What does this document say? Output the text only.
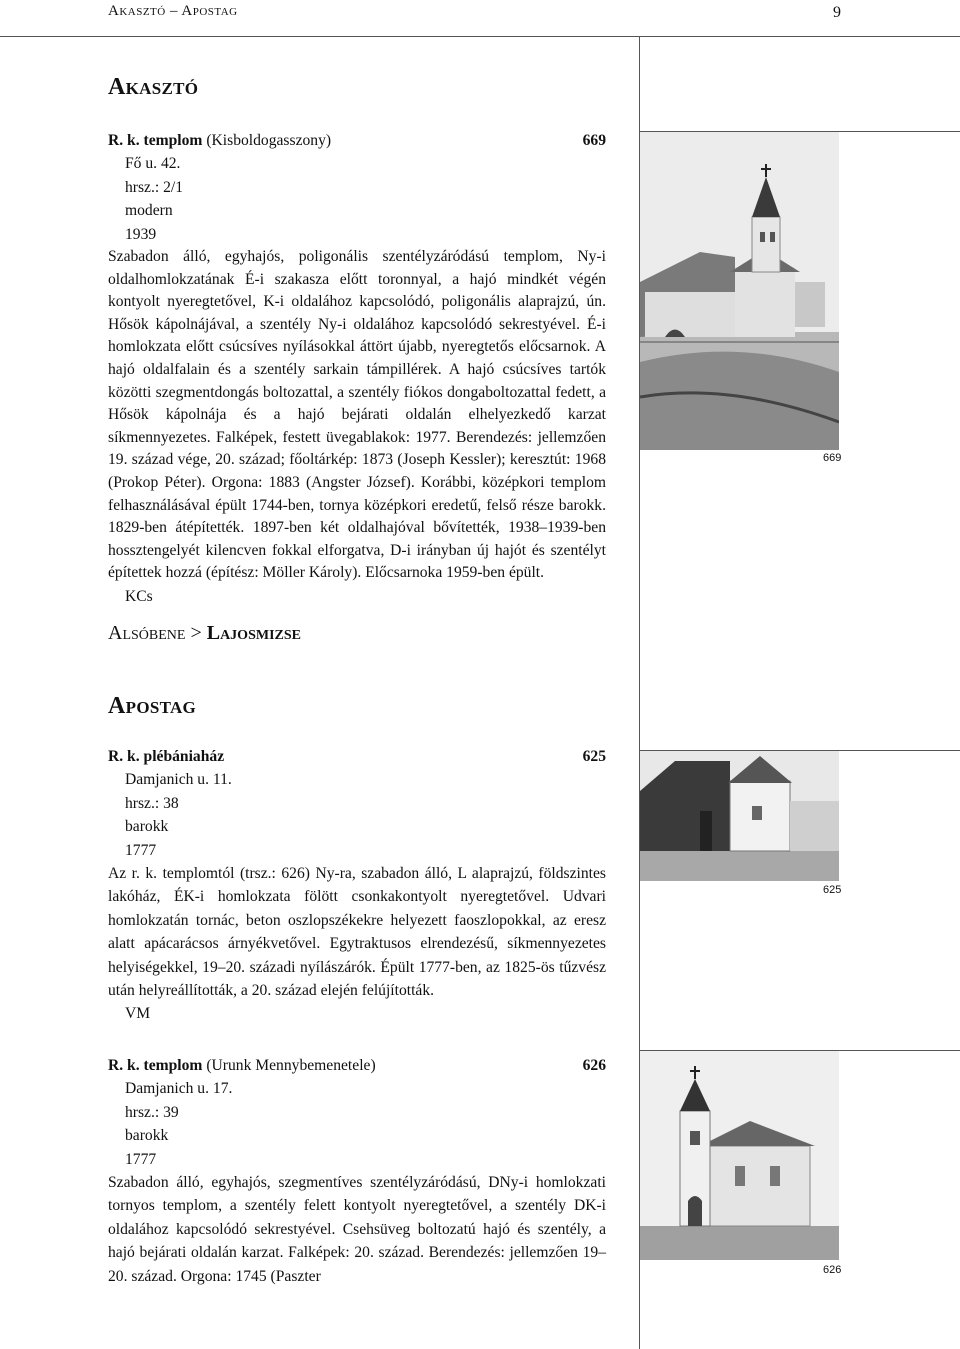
Akasztó – Apostag	9
Akasztó
R. k. templom (Kisboldogasszony)	669

Fő u. 42.

hrsz.: 2/1

modern

1939

Szabadon álló, egyhajós, poligonális szentélyzáródású templom, Ny-i oldalhomlokzatának É-i szakasza előtt toronnyal, a hajó mindkét végén kontyolt nyeregtetővel, K-i oldalához kapcsolódó, poligonális alaprajzú, ún. Hősök kápolnájával, a szentély Ny-i oldalához kapcsolódó sekrestyével. É-i homlokzata előtt csúcsíves nyílásokkal áttört újabb, nyeregtetős előcsarnok. A hajó oldalfalain és a szentély sarkain támpillérek. A hajó csúcsíves tartók közötti szegmentdongás boltozattal, a szentély fiókos dongaboltozattal fedett, a Hősök kápolnája és a hajó bejárati oldalán elhelyezkedő karzat síkmennyezetes. Falképek, festett üvegablakok: 1977. Berendezés: jellemzően 19. század vége, 20. század; főoltárkép: 1873 (Joseph Kessler); keresztút: 1968 (Prokop Péter). Orgona: 1883 (Angster József). Korábbi, középkori templom felhasználásával épült 1744-ben, tornya középkori eredetű, felső része barokk. 1829-ben átépítették. 1897-ben két oldalhajóval bővítették, 1938–1939-ben hossztengelyét kilencven fokkal elforgatva, D-i irányban új hajót és szentélyt építettek hozzá (építész: Möller Károly). Előcsarnoka 1959-ben épült.

KCs

Alsóbene > Lajosmizse
Apostag
R. k. plébániaház	625

Damjanich u. 11.

hrsz.: 38

barokk

1777

Az r. k. templomtól (trsz.: 626) Ny-ra, szabadon álló, L alaprajzú, földszintes lakóház, ÉK-i homlokzata fölött csonkakontyolt nyeregtetővel. Udvari homlokzatán tornác, beton oszlopszékekre helyezett faoszlopokkal, az eresz alatt apácarácsos árnyékvetővel. Egytraktusos elrendezésű, síkmennyezetes helyiségekkel, 19–20. századi nyílászárók. Épült 1777-ben, az 1825-ös tűzvész után helyreállították, a 20. század elején felújították.

VM

R. k. templom (Urunk Mennybemenetele)	626

Damjanich u. 17.

hrsz.: 39

barokk

1777

Szabadon álló, egyhajós, szegmentíves szentélyzáródású, DNy-i homlokzati tornyos templom, a szentély felett kontyolt nyeregtetővel, a szentély DK-i oldalához kapcsolódó sekrestyével. Csehsüveg boltozatú hajó és szentély, a hajó bejárati oldalán karzat. Falképek: 20. század. Berendezés: jellemzően 19–20. század. Orgona: 1745 (Paszter

669
625
626
